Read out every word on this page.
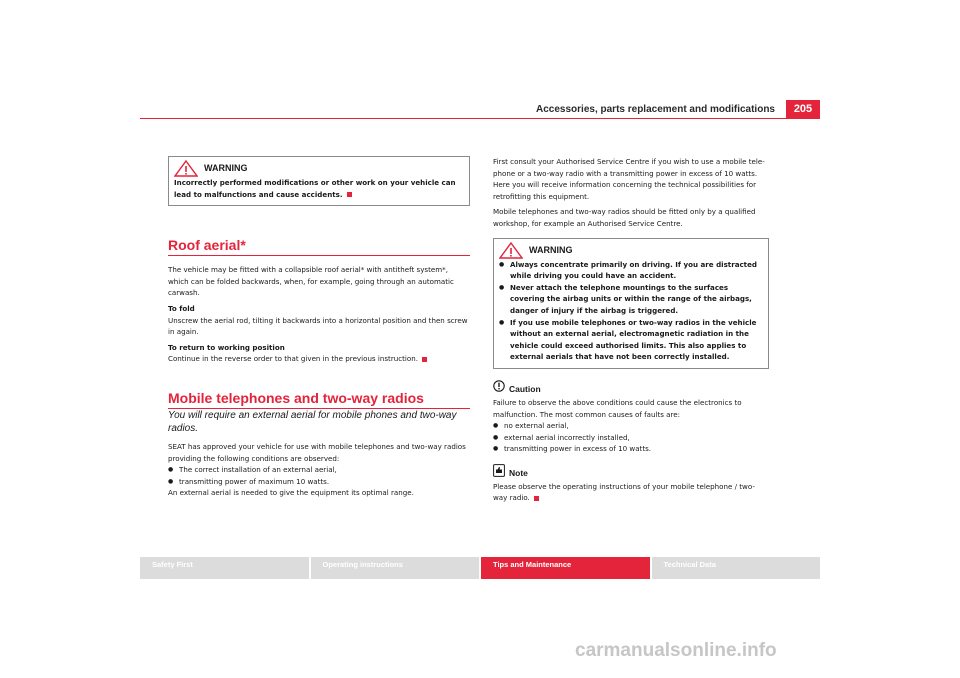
Accessories, parts replacement and modifications	205
WARNING

Incorrectly performed modifications or other work on your vehicle can lead to malfunctions and cause accidents.

Roof aerial*

The vehicle may be fitted with a collapsible roof aerial* with antitheft system*, which can be folded backwards, when, for example, going through an automatic carwash.

To fold

Unscrew the aerial rod, tilting it backwards into a horizontal position and then screw in again.

To return to working position

Continue in the reverse order to that given in the previous instruction.

Mobile telephones and two-way radios

You will require an external aerial for mobile phones and two-way radios.

SEAT has approved your vehicle for use with mobile telephones and two-way radios providing the following conditions are observed:

● The correct installation of an external aerial,

● transmitting power of maximum 10 watts.

An external aerial is needed to give the equipment its optimal range.

First consult your Authorised Service Centre if you wish to use a mobile tele-phone or a two-way radio with a transmitting power in excess of 10 watts. Here you will receive information concerning the technical possibilities for retrofitting this equipment.

Mobile telephones and two-way radios should be fitted only by a qualified workshop, for example an Authorised Service Centre.

WARNING

● Always concentrate primarily on driving. If you are distracted while driving you could have an accident.

● Never attach the telephone mountings to the surfaces covering the airbag units or within the range of the airbags, danger of injury if the airbag is triggered.

● If you use mobile telephones or two-way radios in the vehicle without an external aerial, electromagnetic radiation in the vehicle could exceed authorised limits. This also applies to external aerials that have not been correctly installed.

Caution

Failure to observe the above conditions could cause the electronics to malfunction. The most common causes of faults are:

● no external aerial,

● external aerial incorrectly installed,

● transmitting power in excess of 10 watts.

Note

Please observe the operating instructions of your mobile telephone / two-way radio.

Safety First	Operating instructions	Tips and Maintenance	Technical Data
carmanualsonline.info
